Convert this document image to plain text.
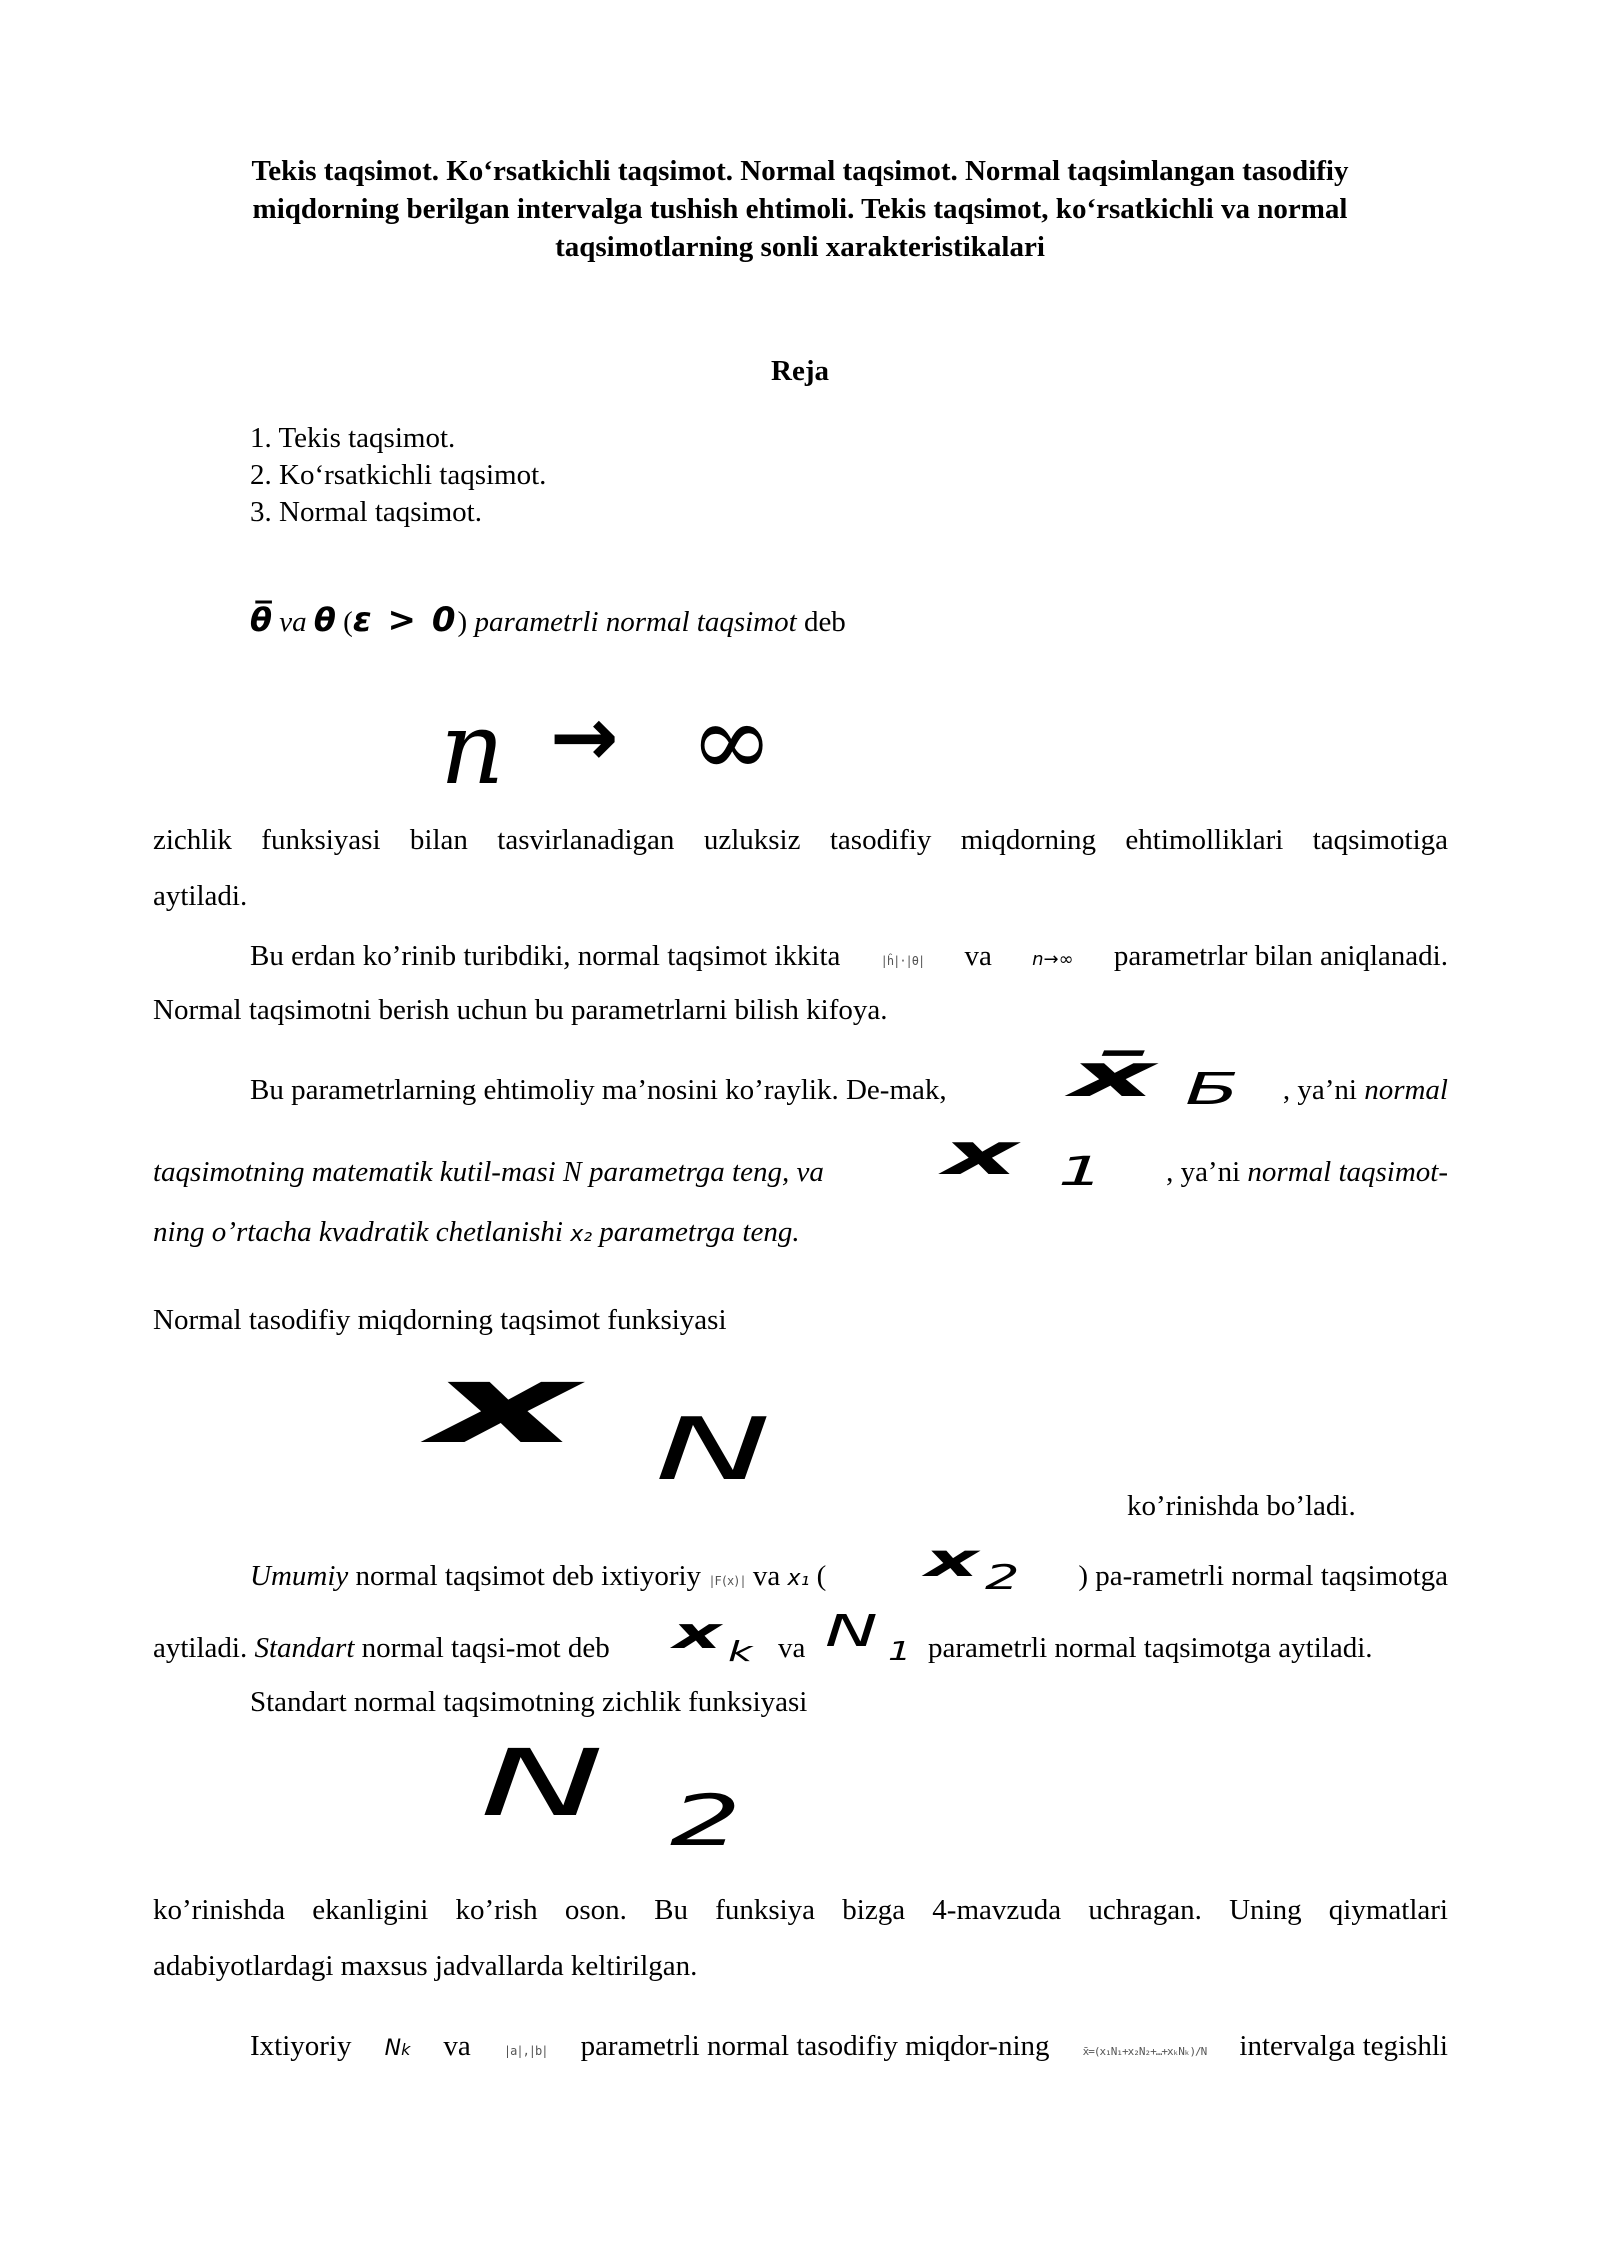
Tekis taqsimot. Ko‘rsatkichli taqsimot. Normal taqsimot. Normal taqsimlangan tasodifiy
miqdorning berilgan intervalga tushish ehtimoli. Tekis taqsimot, ko‘rsatkichli va normal
taqsimotlarning sonli xarakteristikalari
Reja
1. Tekis taqsimot.
2. Ko‘rsatkichli taqsimot.
3. Normal taqsimot.
θ̅ va θ (ε > 0) parametrli normal taqsimot deb
n → ∞
zichlik funksiyasi bilan tasvirlanadigan uzluksiz tasodifiy miqdorning ehtimolliklari taqsimotiga
aytiladi.
Bu erdan ko’rinib turibdiki, normal taqsimot ikkita	|ĥ|·|θ| va n→∞ parametrlar bilan aniqlanadi.
Normal taqsimotni berish uchun bu parametrlarni bilish kifoya.
Bu parametrlarning ehtimoliy ma’nosini ko’raylik. De-mak, x̄ Б , ya’ni normal
taqsimotning matematik kutil-masi N parametrga teng, va x 1 , ya’ni normal taqsimot-
ning o’rtacha kvadratik chetlanishi x₂ parametrga teng.
Normal tasodifiy miqdorning taqsimot funksiyasi
x N
ko’rinishda bo’ladi.
Umumiy normal taqsimot deb ixtiyoriy |F(x)| va x₁ ( x 2 ) pa-rametrli normal taqsimotga
aytiladi. Standart normal taqsi-mot deb x k va N 1 parametrli normal taqsimotga aytiladi.
Standart normal taqsimotning zichlik funksiyasi
N 2
ko’rinishda ekanligini ko’rish oson. Bu funksiya bizga 4-mavzuda uchragan. Uning qiymatlari
adabiyotlardagi maxsus jadvallarda keltirilgan.
Ixtiyoriy Nk va	|a|,|b| parametrli normal tasodifiy miqdor-ning	x̄=(x₁N₁+x₂N₂+…+xₖNₖ)/N intervalga tegishli
